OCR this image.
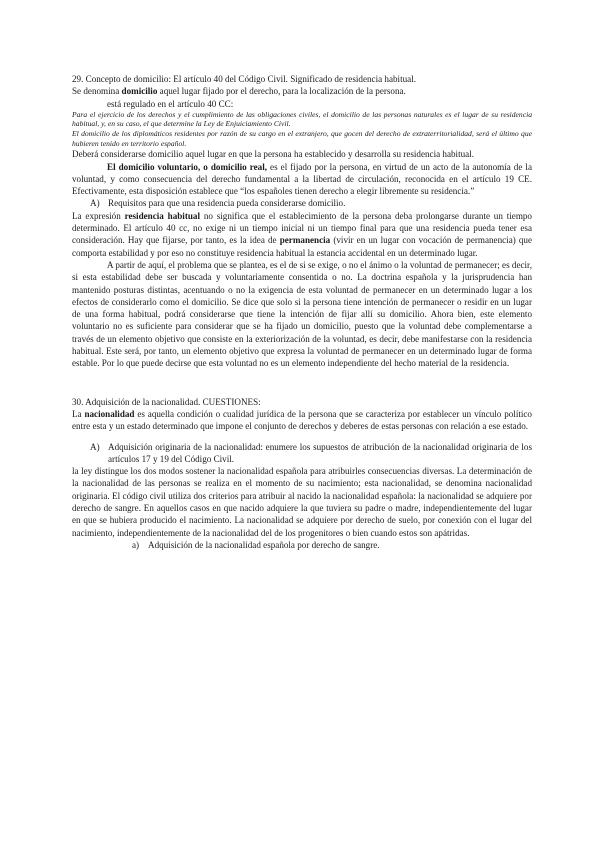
29. Concepto de domicilio: El artículo 40 del Código Civil. Significado de residencia habitual.

Se denomina domicilio aquel lugar fijado por el derecho, para la localización de la persona.

está regulado en el artículo 40 CC:

Para el ejercicio de los derechos y el cumplimiento de las obligaciones civiles, el domicilio de las personas naturales es el lugar de su residencia habitual, y, en su caso, el que determine la Ley de Enjuiciamiento Civil.

El domicilio de los diplomáticos residentes por razón de su cargo en el extranjero, que gocen del derecho de extraterritorialidad, será el último que hubieren tenido en territorio español.

Deberá considerarse domicilio aquel lugar en que la persona ha establecido y desarrolla su residencia habitual.

El domicilio voluntario, o domicilio real, es el fijado por la persona, en virtud de un acto de la autonomía de la voluntad, y como consecuencia del derecho fundamental a la libertad de circulación, reconocida en el artículo 19 CE. Efectivamente, esta disposición establece que “los españoles tienen derecho a elegir libremente su residencia.”

A) Requisitos para que una residencia pueda considerarse domicilio.

La expresión residencia habitual no significa que el establecimiento de la persona deba prolongarse durante un tiempo determinado. El artículo 40 cc, no exige ni un tiempo inicial ni un tiempo final para que una residencia pueda tener esa consideración. Hay que fijarse, por tanto, es la idea de permanencia (vivir en un lugar con vocación de permanencia) que comporta estabilidad y por eso no constituye residencia habitual la estancia accidental en un determinado lugar.

A partir de aquí, el problema que se plantea, es el de si se exige, o no el ánimo o la voluntad de permanecer; es decir, si esta estabilidad debe ser buscada y voluntariamente consentida o no. La doctrina española y la jurisprudencia han mantenido posturas distintas, acentuando o no la exigencia de esta voluntad de permanecer en un determinado lugar a los efectos de considerarlo como el domicilio. Se dice que solo si la persona tiene intención de permanecer o residir en un lugar de una forma habitual, podrá considerarse que tiene la intención de fijar allí su domicilio. Ahora bien, este elemento voluntario no es suficiente para considerar que se ha fijado un domicilio, puesto que la voluntad debe complementarse a través de un elemento objetivo que consiste en la exteriorización de la voluntad, es decir, debe manifestarse con la residencia habitual. Este será, por tanto, un elemento objetivo que expresa la voluntad de permanecer en un determinado lugar de forma estable. Por lo que puede decirse que esta voluntad no es un elemento independiente del hecho material de la residencia.

30. Adquisición de la nacionalidad. CUESTIONES:

La nacionalidad es aquella condición o cualidad jurídica de la persona que se caracteriza por establecer un vínculo político entre esta y un estado determinado que impone el conjunto de derechos y deberes de estas personas con relación a ese estado.

A) Adquisición originaria de la nacionalidad: enumere los supuestos de atribución de la nacionalidad originaria de los artículos 17 y 19 del Código Civil.

la ley distingue los dos modos sostener la nacionalidad española para atribuirles consecuencias diversas. La determinación de la nacionalidad de las personas se realiza en el momento de su nacimiento; esta nacionalidad, se denomina nacionalidad originaria. El código civil utiliza dos criterios para atribuir al nacido la nacionalidad española: la nacionalidad se adquiere por derecho de sangre. En aquellos casos en que nacido adquiere la que tuviera su padre o madre, independientemente del lugar en que se hubiera producido el nacimiento. La nacionalidad se adquiere por derecho de suelo, por conexión con el lugar del nacimiento, independientemente de la nacionalidad del de los progenitores o bien cuando estos son apátridas.

a) Adquisición de la nacionalidad española por derecho de sangre.
